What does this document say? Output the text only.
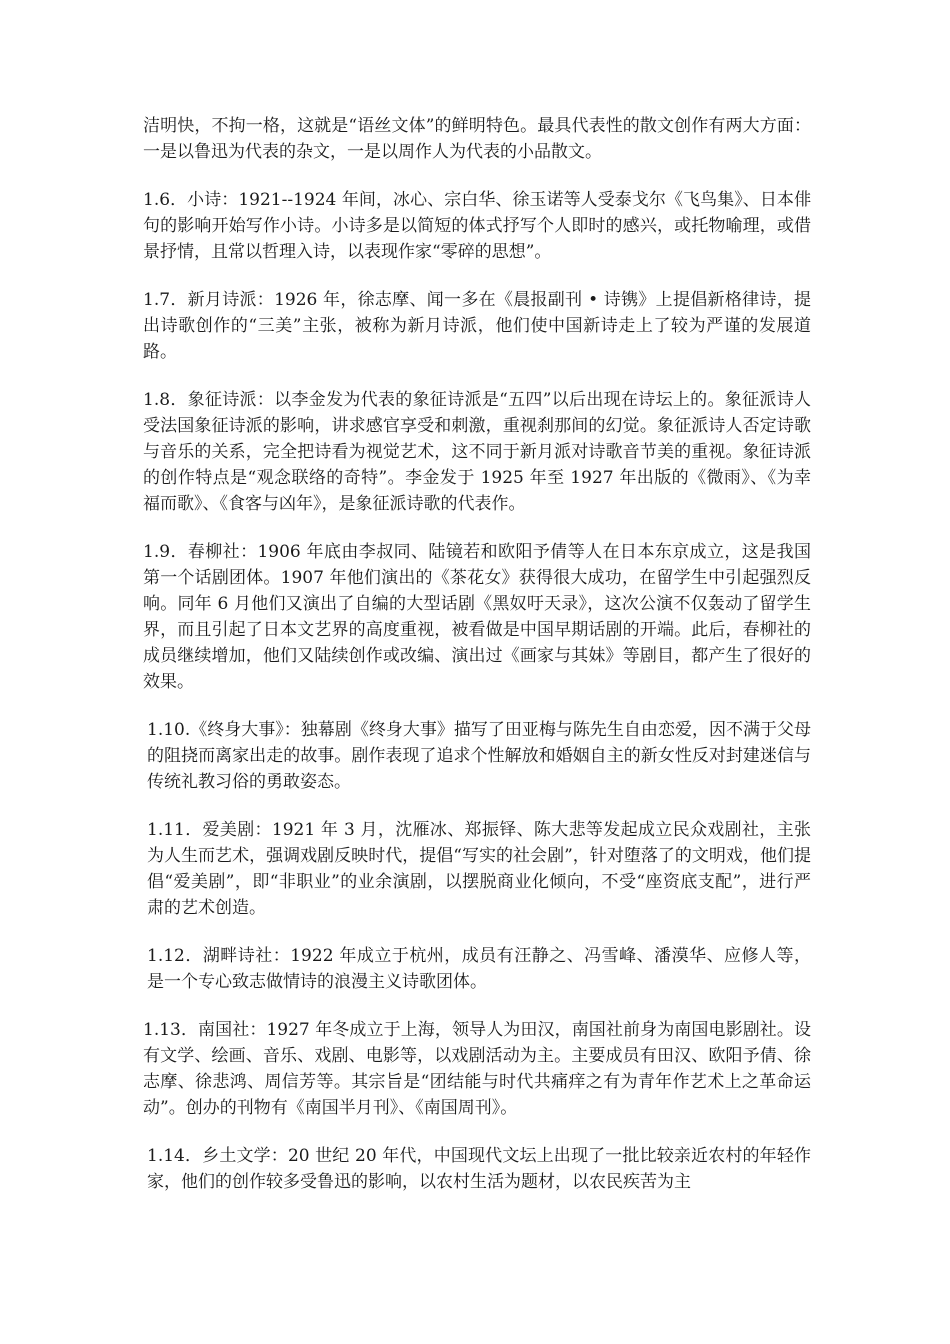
洁明快，不拘一格，这就是“语丝文体”的鲜明特色。最具代表性的散文创作有两大方面：一是以鲁迅为代表的杂文，一是以周作人为代表的小品散文。

1.6．小诗：1921--1924 年间，冰心、宗白华、徐玉诺等人受泰戈尔《飞鸟集》、日本俳句的影响开始写作小诗。小诗多是以简短的体式抒写个人即时的感兴，或托物喻理，或借景抒情，且常以哲理入诗，以表现作家“零碎的思想”。

1.7．新月诗派：1926 年，徐志摩、闻一多在《晨报副刊 • 诗镌》上提倡新格律诗，提出诗歌创作的“三美”主张，被称为新月诗派，他们使中国新诗走上了较为严谨的发展道路。

1.8．象征诗派：以李金发为代表的象征诗派是“五四”以后出现在诗坛上的。象征派诗人受法国象征诗派的影响，讲求感官享受和刺激，重视刹那间的幻觉。象征派诗人否定诗歌与音乐的关系，完全把诗看为视觉艺术，这不同于新月派对诗歌音节美的重视。象征诗派的创作特点是“观念联络的奇特”。李金发于 1925 年至 1927 年出版的《微雨》、《为幸福而歌》、《食客与凶年》，是象征派诗歌的代表作。

1.9．春柳社：1906 年底由李叔同、陆镜若和欧阳予倩等人在日本东京成立，这是我国第一个话剧团体。1907 年他们演出的《茶花女》获得很大成功，在留学生中引起强烈反响。同年 6 月他们又演出了自编的大型话剧《黑奴吁天录》，这次公演不仅轰动了留学生界，而且引起了日本文艺界的高度重视，被看做是中国早期话剧的开端。此后，春柳社的成员继续增加，他们又陆续创作或改编、演出过《画家与其妹》等剧目，都产生了很好的效果。

1.10.《终身大事》：独幕剧《终身大事》描写了田亚梅与陈先生自由恋爱，因不满于父母的阻挠而离家出走的故事。剧作表现了追求个性解放和婚姻自主的新女性反对封建迷信与传统礼教习俗的勇敢姿态。

1.11．爱美剧：1921 年 3 月，沈雁冰、郑振铎、陈大悲等发起成立民众戏剧社，主张为人生而艺术，强调戏剧反映时代，提倡“写实的社会剧”，针对堕落了的文明戏，他们提倡“爱美剧”，即“非职业”的业余演剧，以摆脱商业化倾向，不受“座资底支配”，进行严肃的艺术创造。

1.12．湖畔诗社：1922 年成立于杭州，成员有汪静之、冯雪峰、潘漠华、应修人等，是一个专心致志做情诗的浪漫主义诗歌团体。

1.13．南国社：1927 年冬成立于上海，领导人为田汉，南国社前身为南国电影剧社。设有文学、绘画、音乐、戏剧、电影等，以戏剧活动为主。主要成员有田汉、欧阳予倩、徐志摩、徐悲鸿、周信芳等。其宗旨是“团结能与时代共痛痒之有为青年作艺术上之革命运动”。创办的刊物有《南国半月刊》、《南国周刊》。

1.14．乡土文学：20 世纪 20 年代，中国现代文坛上出现了一批比较亲近农村的年轻作家，他们的创作较多受鲁迅的影响，以农村生活为题材，以农民疾苦为主
